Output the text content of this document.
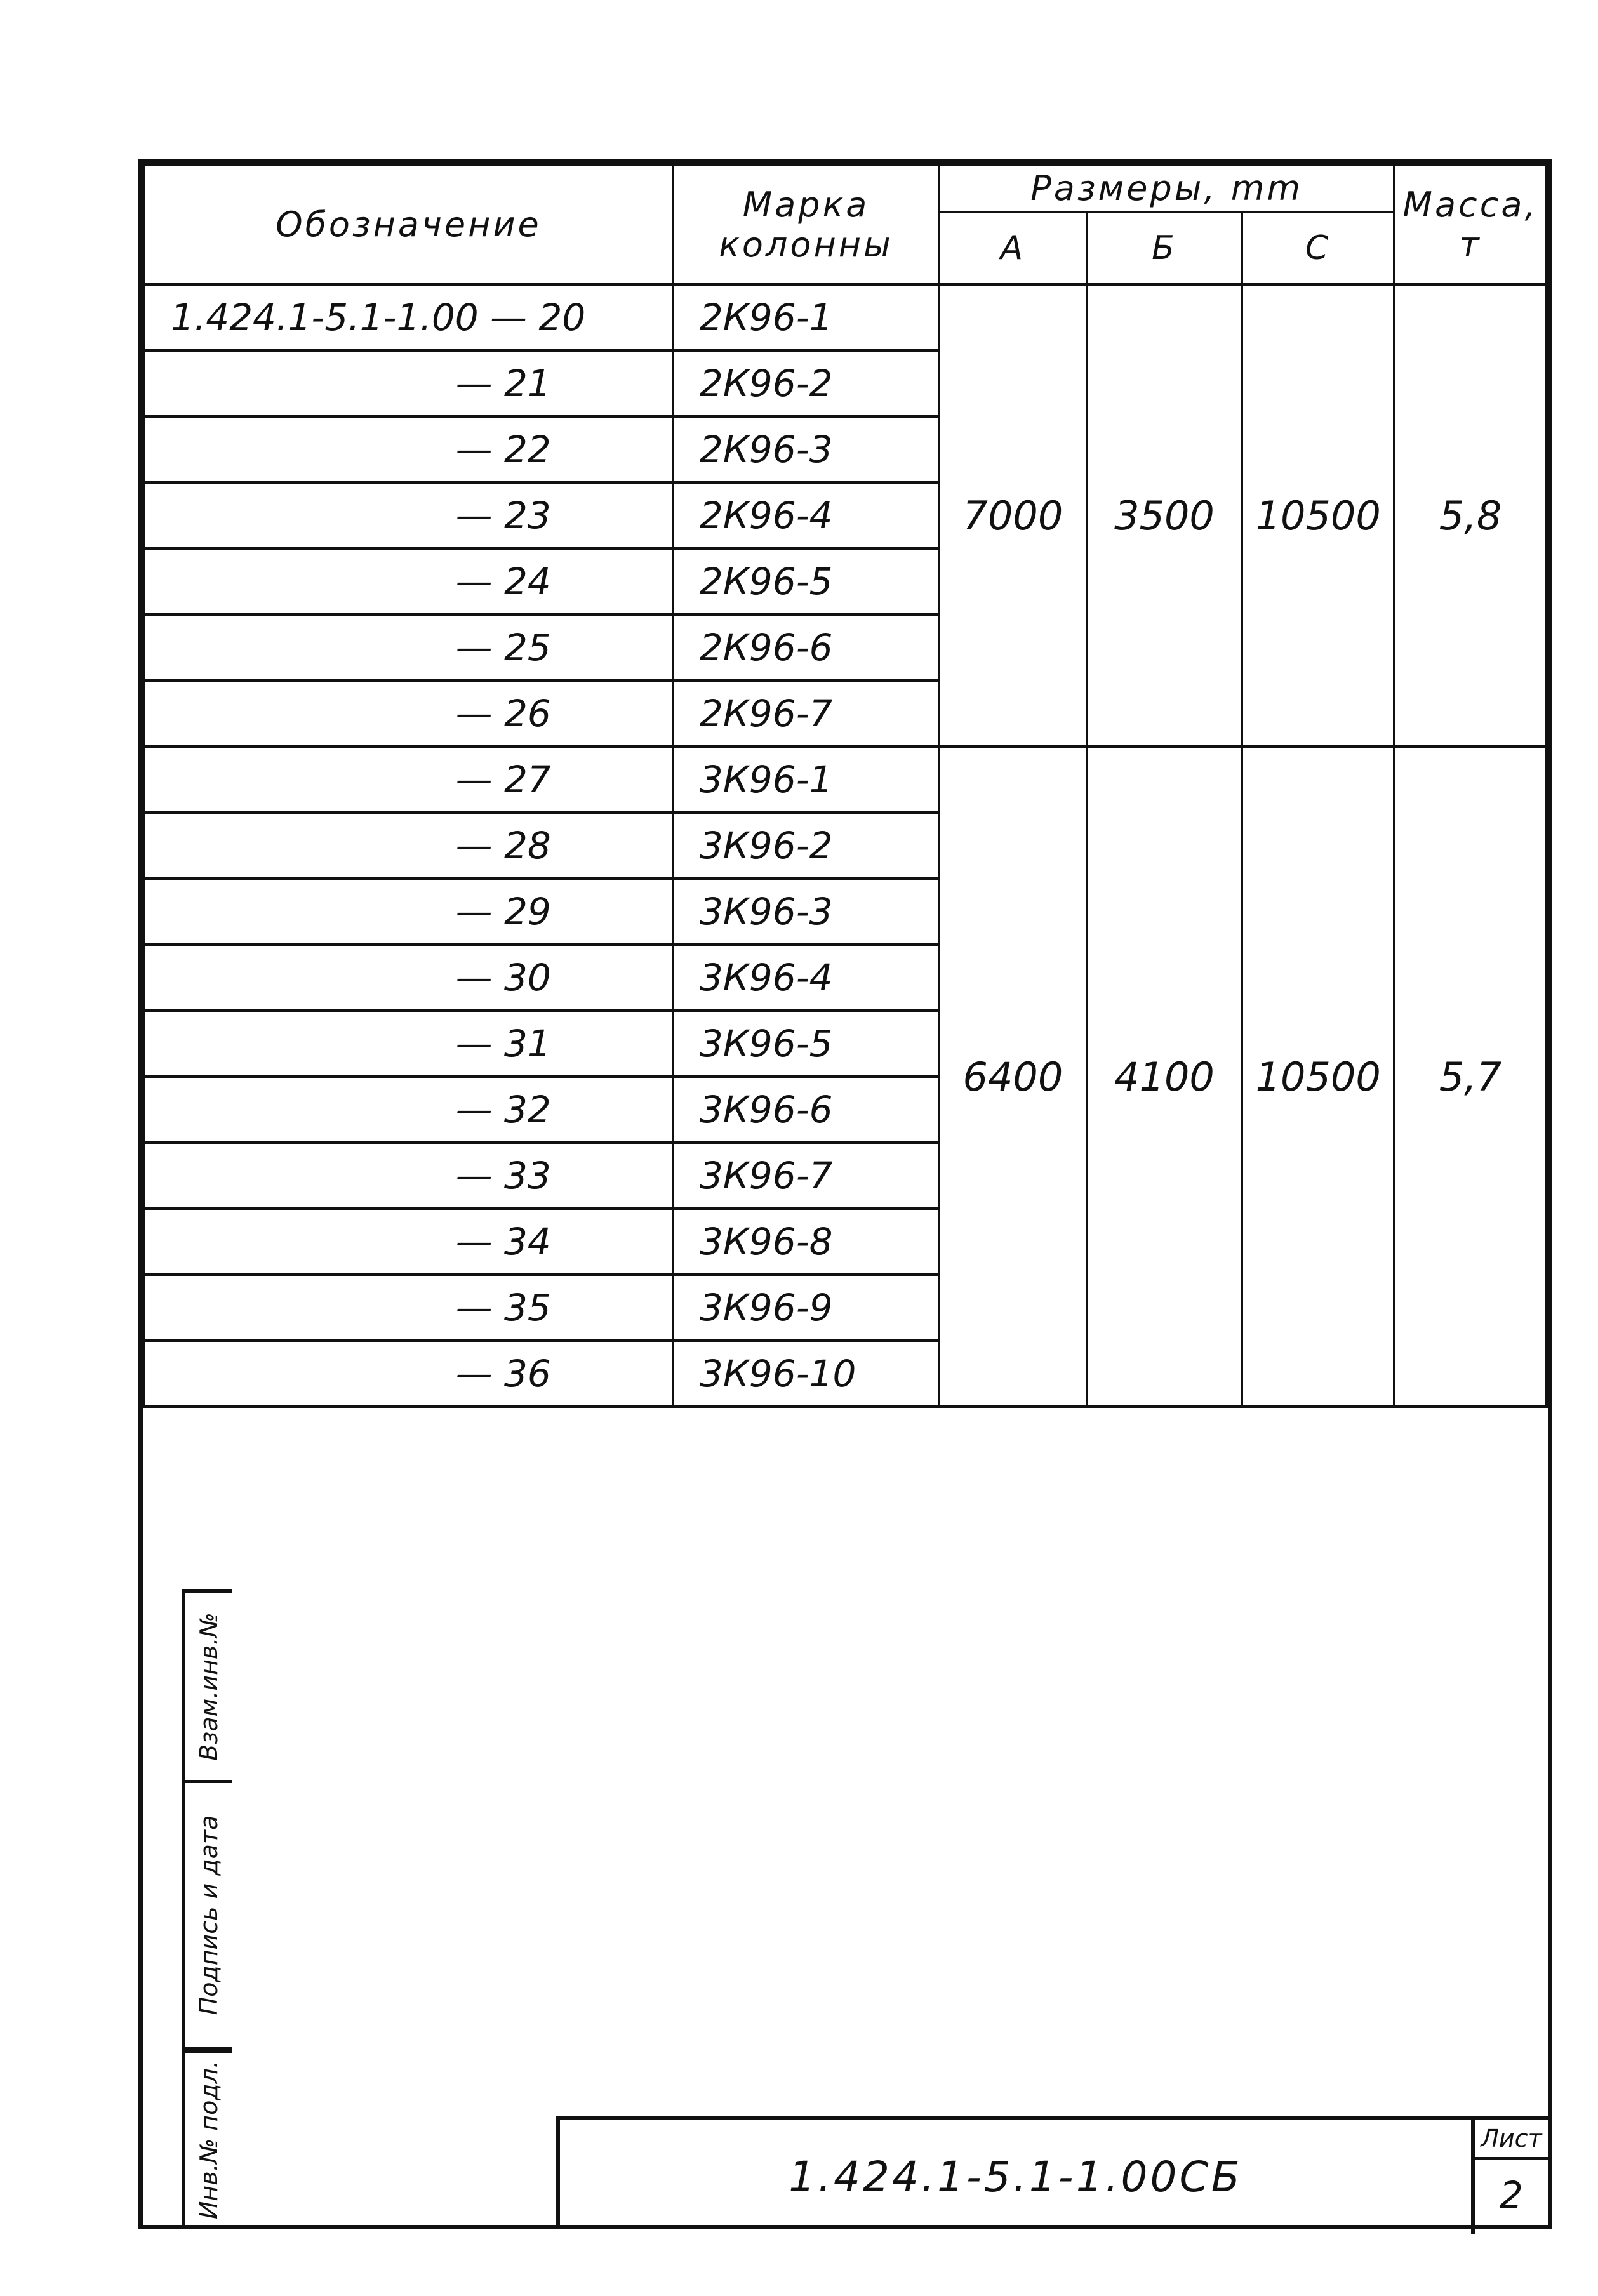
Обозначение	Марка колонны	Размеры, mm			Масса, т
		А	Б	С	
1.424.1-5.1-1.00 — 20	2К96-1	7000	3500	10500	5,8
— 21	2К96-2				
— 22	2К96-3				
— 23	2К96-4				
— 24	2К96-5				
— 25	2К96-6				
— 26	2К96-7				
— 27	3К96-1	6400	4100	10500	5,7
— 28	3К96-2				
— 29	3К96-3				
— 30	3К96-4				
— 31	3К96-5				
— 32	3К96-6				
— 33	3К96-7				
— 34	3К96-8				
— 35	3К96-9				
— 36	3К96-10				
Взам.инв.№
Подпись и дата
Инв.№ подл.	1.424.1-5.1-1.00СБ
Лист
2
